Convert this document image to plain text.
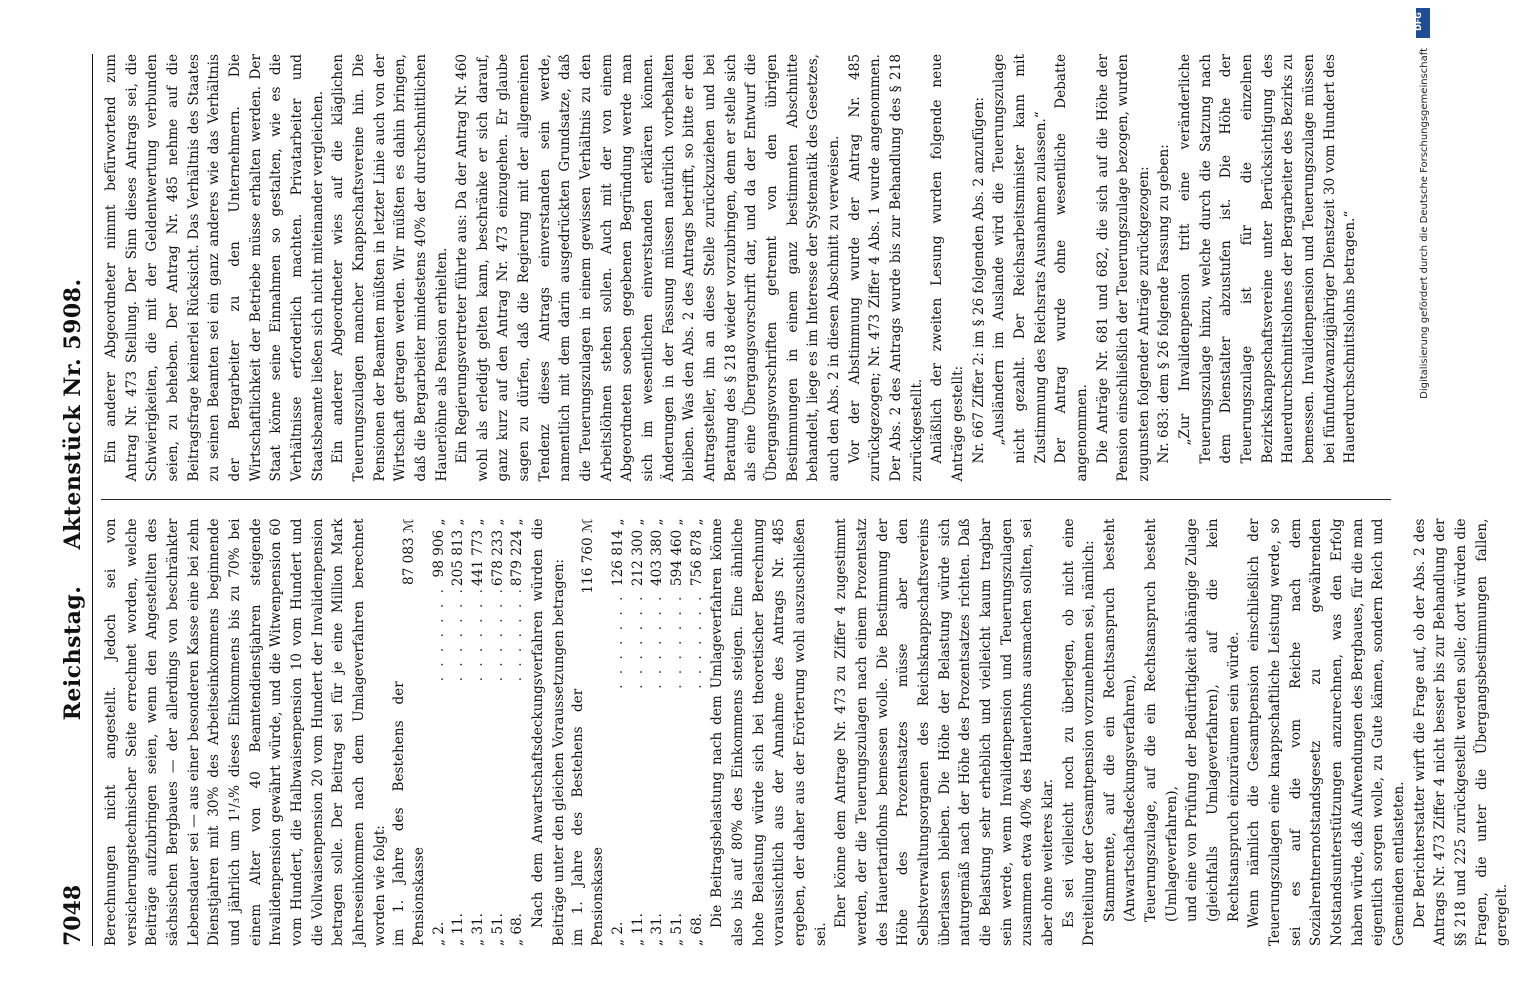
7048
Reichstag.Aktenstück Nr. 5908.

Berechnungen nicht angestellt. Jedoch sei von versicherungstechnischer Seite errechnet worden, welche Beiträge aufzubringen seien, wenn den Angestellten des sächsischen Bergbaues — der allerdings von beschränkter Lebensdauer sei — aus einer besonderen Kasse eine bei zehn Dienstjahren mit 30% des Arbeitseinkommens beginnende und jährlich um 1¹/₃% dieses Einkommens bis zu 70% bei einem Alter von 40 Beamtendienstjahren steigende Invalidenpension gewährt würde, und die Witwenpension 60 vom Hundert, die Halbwaisenpension 10 vom Hundert und die Vollwaisenpension 20 vom Hundert der Invalidenpension betragen solle. Der Beitrag sei für je eine Million Mark Jahreseinkommen nach dem Umlageverfahren berechnet worden wie folgt: im 1. Jahre des Bestehens der Pensionskasse		87 083 ℳ
„ 2.	. . . . . . .	98 906 „
„ 11.	. . . . . . .	205 813 „
„ 31.	. . . . . . .	441 773 „
„ 51.	. . . . . . .	678 233 „
„ 68.	. . . . . . .	879 224 „ Nach dem Anwartschaftsdeckungsverfahren würden die Beiträge unter den gleichen Voraussetzungen betragen: im 1. Jahre des Bestehens der Pensionskasse		116 760 ℳ
„ 2.	. . . . . . .	126 814 „
„ 11.	. . . . . . .	212 300 „
„ 31.	. . . . . . .	403 380 „
„ 51.	. . . . . . .	594 460 „
„ 68.	. . . . . . .	756 878 „ Die Beitragsbelastung nach dem Umlageverfahren könne also bis auf 80% des Einkommens steigen. Eine ähnliche hohe Belastung würde sich bei theoretischer Berechnung voraussichtlich aus der Annahme des Antrags Nr. 485 ergeben, der daher aus der Erörterung wohl auszuschließen sei.

Eher könne dem Antrage Nr. 473 zu Ziffer 4 zugestimmt werden, der die Teuerungszulagen nach einem Prozentsatz des Hauertariflohns bemessen wolle. Die Bestimmung der Höhe des Prozentsatzes müsse aber den Selbstverwaltungsorganen des Reichsknappschaftsvereins überlassen bleiben. Die Höhe der Belastung würde sich naturgemäß nach der Höhe des Prozentsatzes richten. Daß die Belastung sehr erheblich und vielleicht kaum tragbar sein werde, wenn Invalidenpension und Teuerungszulagen zusammen etwa 40% des Hauerlohns ausmachen sollten, sei aber ohne weiteres klar. Es sei vielleicht noch zu überlegen, ob nicht eine Dreiteilung der Gesamtpension vorzunehmen sei, nämlich: Stammrente, auf die ein Rechtsanspruch besteht (Anwartschaftsdeckungsverfahren), Teuerungszulage, auf die ein Rechtsanspruch besteht (Umlageverfahren), und eine von Prüfung der Bedürftigkeit abhängige Zulage (gleichfalls Umlageverfahren), auf die kein Rechtsanspruch einzuräumen sein würde. Wenn nämlich die Gesamtpension einschließlich der Teuerungszulagen eine knappschaftliche Leistung werde, so sei es auf die vom Reiche nach dem Sozialrentnernotstandsgesetz zu gewährenden Notstandsunterstützungen anzurechnen, was den Erfolg haben würde, daß Aufwendungen des Bergbaues, für die man eigentlich sorgen wolle, zu Gute kämen, sondern Reich und Gemeinden entlasteten. Der Berichterstatter wirft die Frage auf, ob der Abs. 2 des Antrags Nr. 473 Ziffer 4 nicht besser bis zur Behandlung der §§ 218 und 225 zurückgestellt werden solle; dort würden die Fragen, die unter die Übergangsbestimmungen fallen, geregelt.

Ein anderer Abgeordneter nimmt befürwortend zum Antrag Nr. 473 Stellung. Der Sinn dieses Antrags sei, die Schwierigkeiten, die mit der Geldentwertung verbunden seien, zu beheben. Der Antrag Nr. 485 nehme auf die Beitragsfrage keinerlei Rücksicht. Das Verhältnis des Staates zu seinen Beamten sei ein ganz anderes wie das Verhältnis der Bergarbeiter zu den Unternehmern. Die Wirtschaftlichkeit der Betriebe müsse erhalten werden. Der Staat könne seine Einnahmen so gestalten, wie es die Verhältnisse erforderlich machten. Privatarbeiter und Staatsbeamte ließen sich nicht miteinander vergleichen. Ein anderer Abgeordneter wies auf die kläglichen Teuerungszulagen mancher Knappschaftsvereine hin. Die Pensionen der Beamten müßten in letzter Linie auch von der Wirtschaft getragen werden. Wir müßten es dahin bringen, daß die Bergarbeiter mindestens 40% der durchschnittlichen Hauerlöhne als Pension erhielten. Ein Regierungsvertreter führte aus: Da der Antrag Nr. 460 wohl als erledigt gelten kann, beschränke er sich darauf, ganz kurz auf den Antrag Nr. 473 einzugehen. Er glaube sagen zu dürfen, daß die Regierung mit der allgemeinen Tendenz dieses Antrags einverstanden sein werde, namentlich mit dem darin ausgedrückten Grundsatze, daß die Teuerungszulagen in einem gewissen Verhältnis zu den Arbeitslöhnen stehen sollen. Auch mit der von einem Abgeordneten soeben gegebenen Begründung werde man sich im wesentlichen einverstanden erklären können. Änderungen in der Fassung müssen natürlich vorbehalten bleiben. Was den Abs. 2 des Antrags betrifft, so bitte er den Antragsteller, ihn an diese Stelle zurückzuziehen und bei Beratung des § 218 wieder vorzubringen, denn er stelle sich als eine Übergangsvorschrift dar, und da der Entwurf die Übergangsvorschriften getrennt von den übrigen Bestimmungen in einem ganz bestimmten Abschnitte behandelt, liege es im Interesse der Systematik des Gesetzes, auch den Abs. 2 in diesen Abschnitt zu verweisen. Vor der Abstimmung wurde der Antrag Nr. 485 zurückgezogen; Nr. 473 Ziffer 4 Abs. 1 wurde angenommen. Der Abs. 2 des Antrags wurde bis zur Behandlung des § 218 zurückgestellt. Anläßlich der zweiten Lesung wurden folgende neue Anträge gestellt: Nr. 667 Ziffer 2: im § 26 folgenden Abs. 2 anzufügen: „Ausländern im Auslande wird die Teuerungszulage nicht gezahlt. Der Reichsarbeitsminister kann mit Zustimmung des Reichsrats Ausnahmen zulassen.“ Der Antrag wurde ohne wesentliche Debatte angenommen. Die Anträge Nr. 681 und 682, die sich auf die Höhe der Pension einschließlich der Teuerungszulage bezogen, wurden zugunsten folgender Anträge zurückgezogen: Nr. 683: dem § 26 folgende Fassung zu geben: „Zur Invalidenpension tritt eine veränderliche Teuerungszulage hinzu, welche durch die Satzung nach dem Dienstalter abzustufen ist. Die Höhe der Teuerungszulage ist für die einzelnen Bezirksknappschaftsvereine unter Berücksichtigung des Hauerdurchschnittslohnes der Bergarbeiter des Bezirks zu bemessen. Invalidenpension und Teuerungszulage müssen bei fünfundzwanzigjähriger Dienstzeit 30 vom Hundert des Hauerdurchschnittslohns betragen.“	Digitalisierung gefördert durch die Deutsche Forschungsgemeinschaft
DFG
